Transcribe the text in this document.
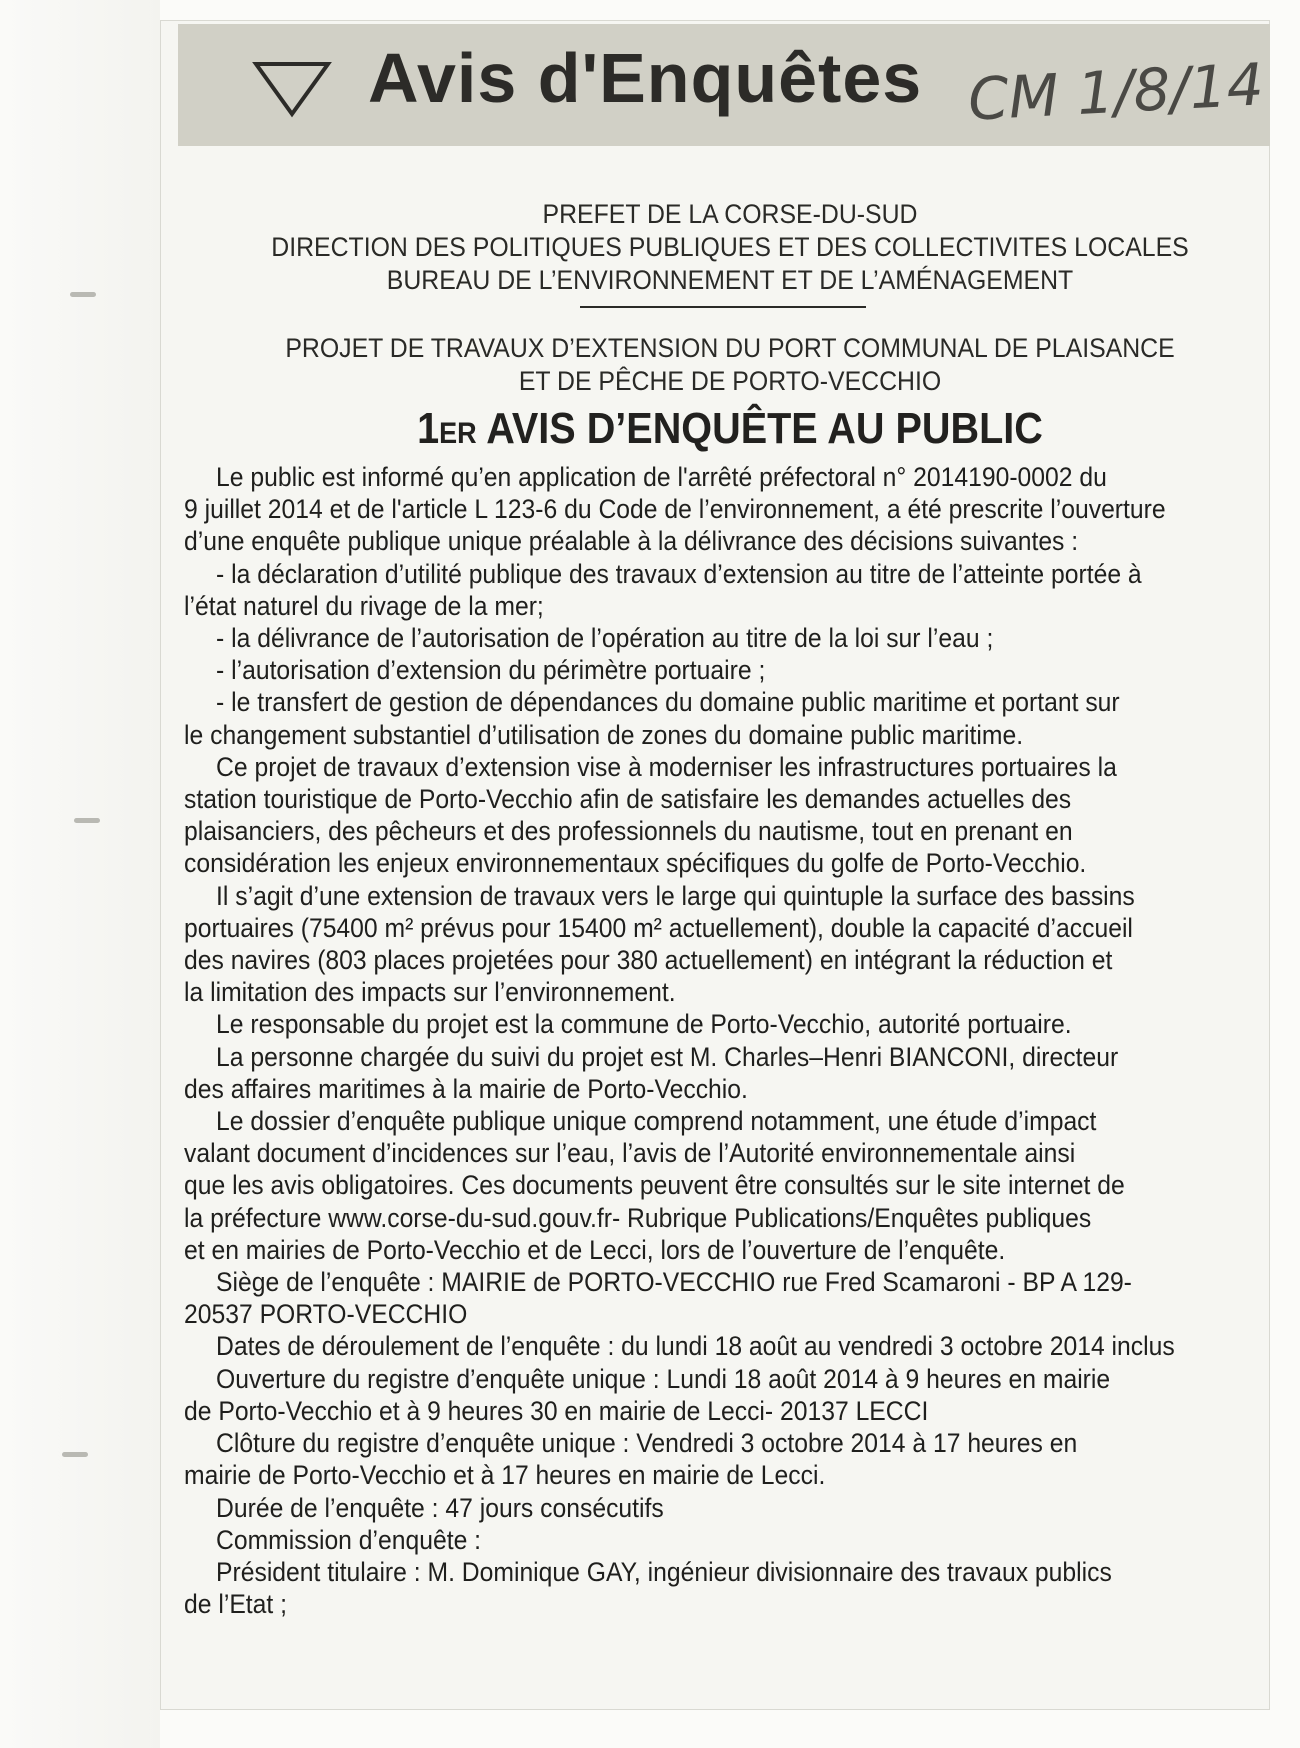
Avis d'Enquêtes CM 1/8/14
PREFET DE LA CORSE-DU-SUD
DIRECTION DES POLITIQUES PUBLIQUES ET DES COLLECTIVITES LOCALES
BUREAU DE L’ENVIRONNEMENT ET DE L’AMÉNAGEMENT
PROJET DE TRAVAUX D’EXTENSION DU PORT COMMUNAL DE PLAISANCE
ET DE PÊCHE DE PORTO-VECCHIO
1ER AVIS D’ENQUÊTE AU PUBLIC
Le public est informé qu’en application de l'arrêté préfectoral n° 2014190-0002 du
9 juillet 2014 et de l'article L 123-6 du Code de l’environnement, a été prescrite l’ouverture
d’une enquête publique unique préalable à la délivrance des décisions suivantes :
- la déclaration d’utilité publique des travaux d’extension au titre de l’atteinte portée à
l’état naturel du rivage de la mer;
- la délivrance de l’autorisation de l’opération au titre de la loi sur l’eau ;
- l’autorisation d’extension du périmètre portuaire ;
- le transfert de gestion de dépendances du domaine public maritime et portant sur
le changement substantiel d’utilisation de zones du domaine public maritime.
Ce projet de travaux d’extension vise à moderniser les infrastructures portuaires la
station touristique de Porto-Vecchio afin de satisfaire les demandes actuelles des
plaisanciers, des pêcheurs et des professionnels du nautisme, tout en prenant en
considération les enjeux environnementaux spécifiques du golfe de Porto-Vecchio.
Il s’agit d’une extension de travaux vers le large qui quintuple la surface des bassins
portuaires (75400 m² prévus pour 15400 m² actuellement), double la capacité d’accueil
des navires (803 places projetées pour 380 actuellement) en intégrant la réduction et
la limitation des impacts sur l’environnement.
Le responsable du projet est la commune de Porto-Vecchio, autorité portuaire.
La personne chargée du suivi du projet est M. Charles–Henri BIANCONI, directeur
des affaires maritimes à la mairie de Porto-Vecchio.
Le dossier d’enquête publique unique comprend notamment, une étude d’impact
valant document d’incidences sur l’eau, l’avis de l’Autorité environnementale ainsi
que les avis obligatoires. Ces documents peuvent être consultés sur le site internet de
la préfecture www.corse-du-sud.gouv.fr- Rubrique Publications/Enquêtes publiques
et en mairies de Porto-Vecchio et de Lecci, lors de l’ouverture de l’enquête.
Siège de l’enquête : MAIRIE de PORTO-VECCHIO rue Fred Scamaroni - BP A 129-
20537 PORTO-VECCHIO
Dates de déroulement de l’enquête : du lundi 18 août au vendredi 3 octobre 2014 inclus
Ouverture du registre d’enquête unique : Lundi 18 août 2014 à 9 heures en mairie
de Porto-Vecchio et à 9 heures 30 en mairie de Lecci- 20137 LECCI
Clôture du registre d’enquête unique : Vendredi 3 octobre 2014 à 17 heures en
mairie de Porto-Vecchio et à 17 heures en mairie de Lecci.
Durée de l’enquête : 47 jours consécutifs
Commission d’enquête :
Président titulaire : M. Dominique GAY, ingénieur divisionnaire des travaux publics
de l’Etat ;
